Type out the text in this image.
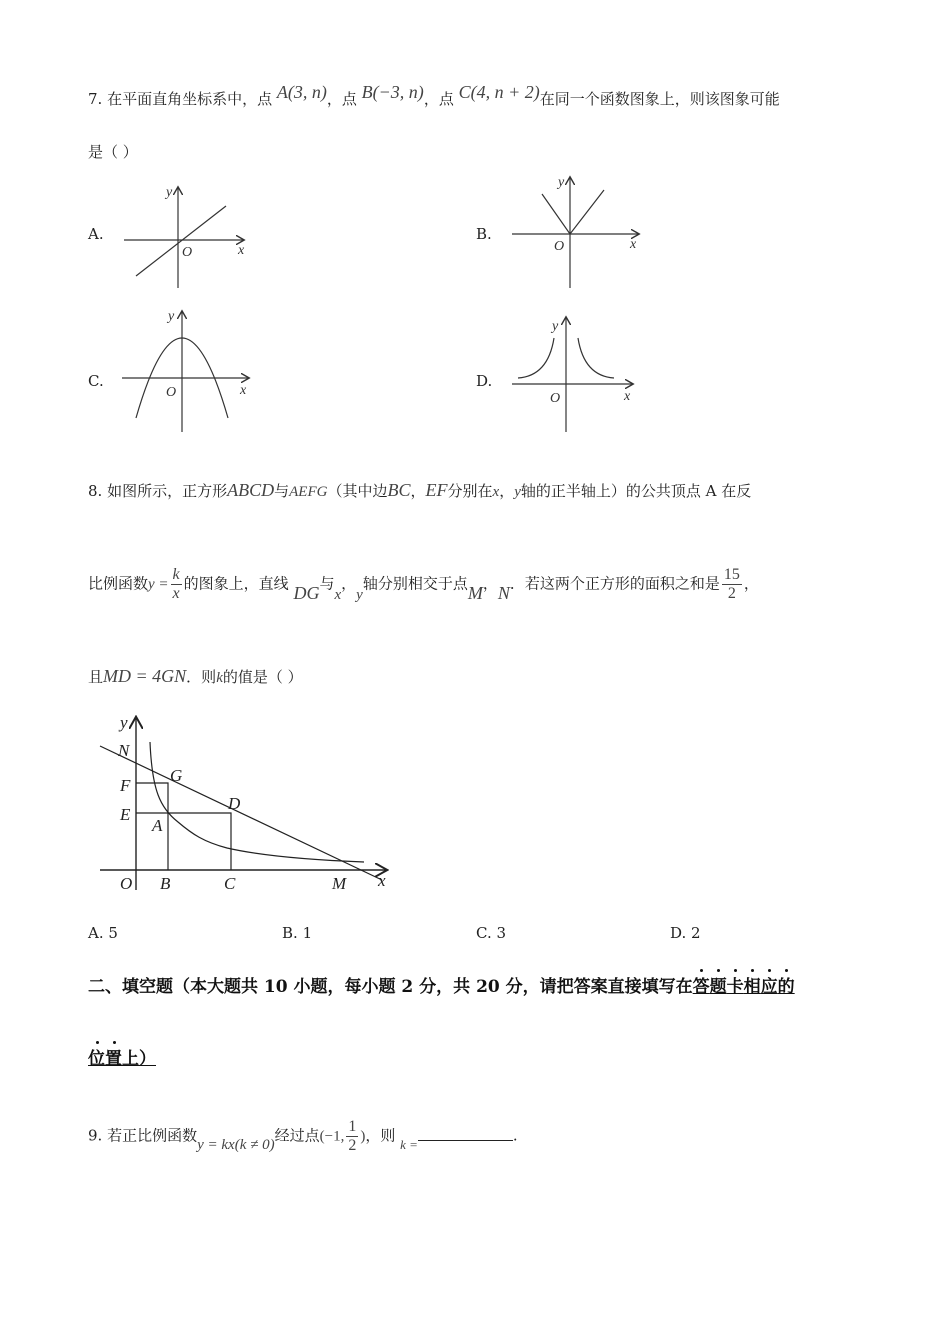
7. 在平面直角坐标系中，点 A(3, n)，点 B(−3, n)，点 C(4, n + 2)在同一个函数图象上，则该图象可能
是（ ）
A.
y
x
O
B.
y
x
O
C.
y
x
O
D.
y
x
O
8. 如图所示，正方形ABCD与AEFG（其中边BC，EF分别在x，y轴的正半轴上）的公共顶点 A 在反
比例函数$y = \frac{k}{x}$ 的图象上，直线 DG与x，y轴分别相交于点M，N．若这两个正方形的面积之和是 $\frac{15}{2}$ ，
且MD = 4GN．则k的值是（ ）
y
x
N
F
G
E
D
A
O B	C	M
A. 5	B. 1	C. 3	D. 2
二、填空题（本大题共 10 小题，每小题 2 分，共 20 分，请把答案直接填写在
答
题
卡
相
应
的
位
置上）
9. 若正比例函数y = kx(k ≠ 0)经过点(−1, $\frac{1}{2}$ )，则 k =	.
